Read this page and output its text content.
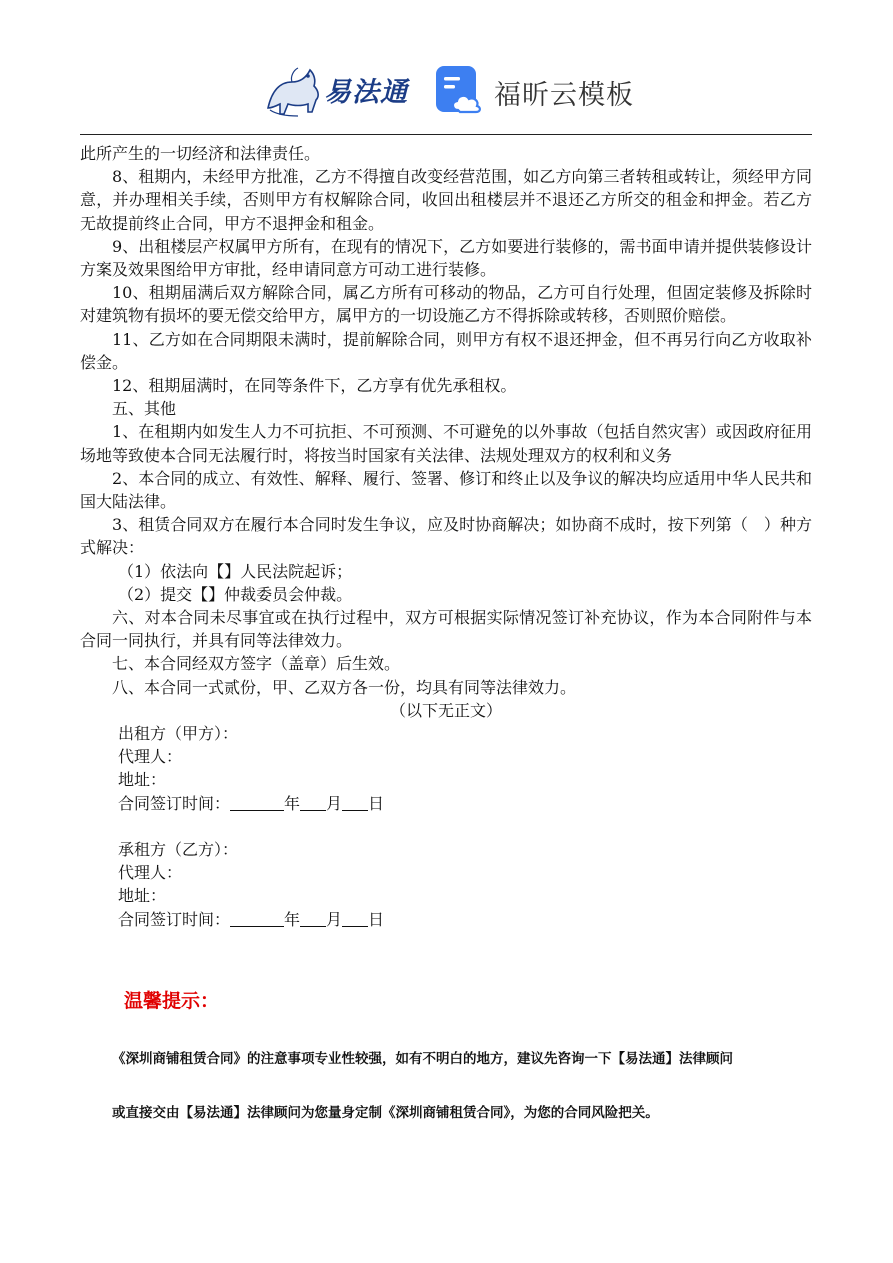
易法通	福昕云模板

此所产生的一切经济和法律责任。

8、租期内，未经甲方批准，乙方不得擅自改变经营范围，如乙方向第三者转租或转让，须经甲方同意，并办理相关手续，否则甲方有权解除合同，收回出租楼层并不退还乙方所交的租金和押金。若乙方无故提前终止合同，甲方不退押金和租金。

9、出租楼层产权属甲方所有，在现有的情况下，乙方如要进行装修的，需书面申请并提供装修设计方案及效果图给甲方审批，经申请同意方可动工进行装修。

10、租期届满后双方解除合同，属乙方所有可移动的物品，乙方可自行处理，但固定装修及拆除时对建筑物有损坏的要无偿交给甲方，属甲方的一切设施乙方不得拆除或转移，否则照价赔偿。

11、乙方如在合同期限未满时，提前解除合同，则甲方有权不退还押金，但不再另行向乙方收取补偿金。

12、租期届满时，在同等条件下，乙方享有优先承租权。

五、其他

1、在租期内如发生人力不可抗拒、不可预测、不可避免的以外事故（包括自然灾害）或因政府征用场地等致使本合同无法履行时，将按当时国家有关法律、法规处理双方的权利和义务

2、本合同的成立、有效性、解释、履行、签署、修订和终止以及争议的解决均应适用中华人民共和国大陆法律。

3、租赁合同双方在履行本合同时发生争议，应及时协商解决；如协商不成时，按下列第（　）种方式解决：

（1）依法向【】人民法院起诉；

（2）提交【】仲裁委员会仲裁。

六、对本合同未尽事宜或在执行过程中，双方可根据实际情况签订补充协议，作为本合同附件与本合同一同执行，并具有同等法律效力。

七、本合同经双方签字（盖章）后生效。

八、本合同一式贰份，甲、乙双方各一份，均具有同等法律效力。

（以下无正文）

出租方（甲方）：

代理人：

地址：

合同签订时间：	年 月 日

承租方（乙方）：

代理人：

地址：

合同签订时间：	年 月 日

温馨提示：
《深圳商铺租赁合同》的注意事项专业性较强，如有不明白的地方，建议先咨询一下【易法通】法律顾问
或直接交由【易法通】法律顾问为您量身定制《深圳商铺租赁合同》，为您的合同风险把关。
